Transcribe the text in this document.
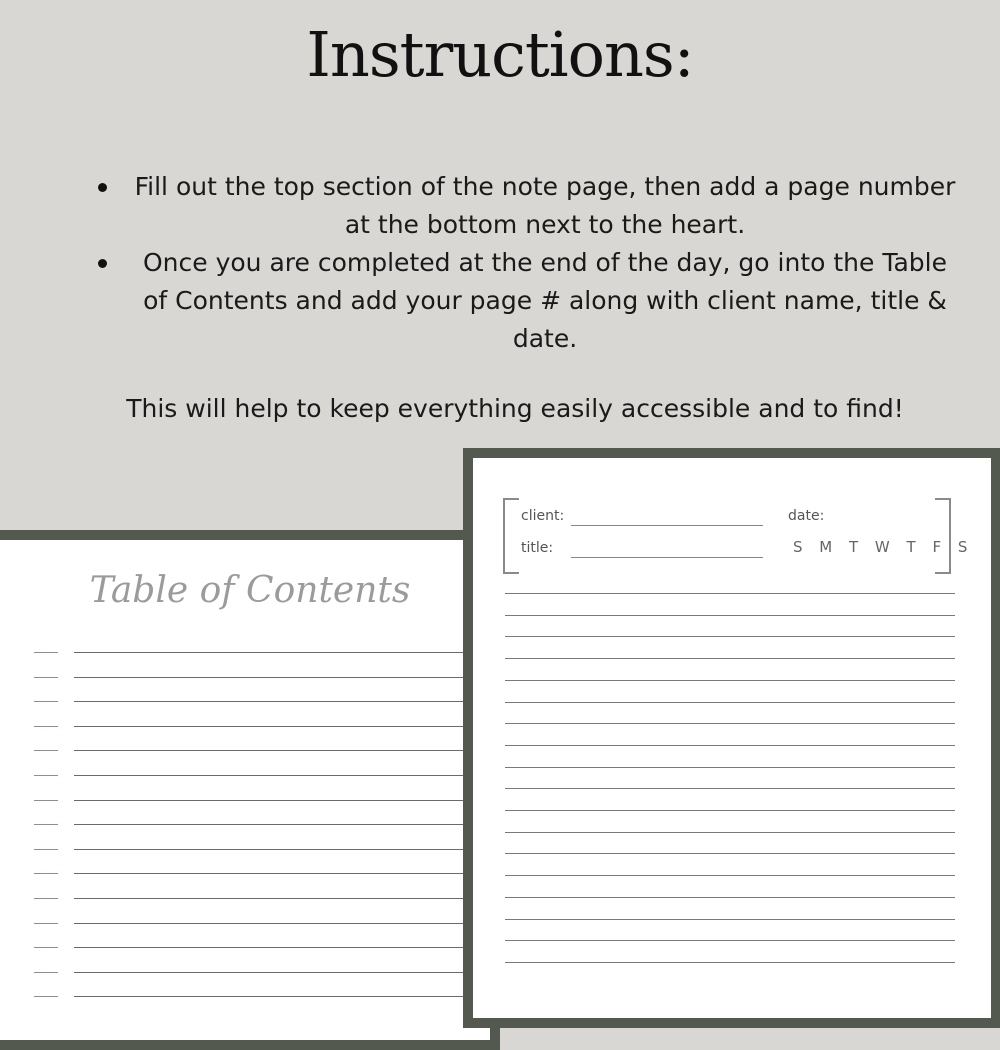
Instructions:
Fill out the top section of the note page, then add a page number at the bottom next to the heart.
Once you are completed at the end of the day, go into the Table of Contents and add your page # along with client name, title & date.

This will help to keep everything easily accessible and to find!

Table of Contents
client:
title:
date:
S M T W T F S
